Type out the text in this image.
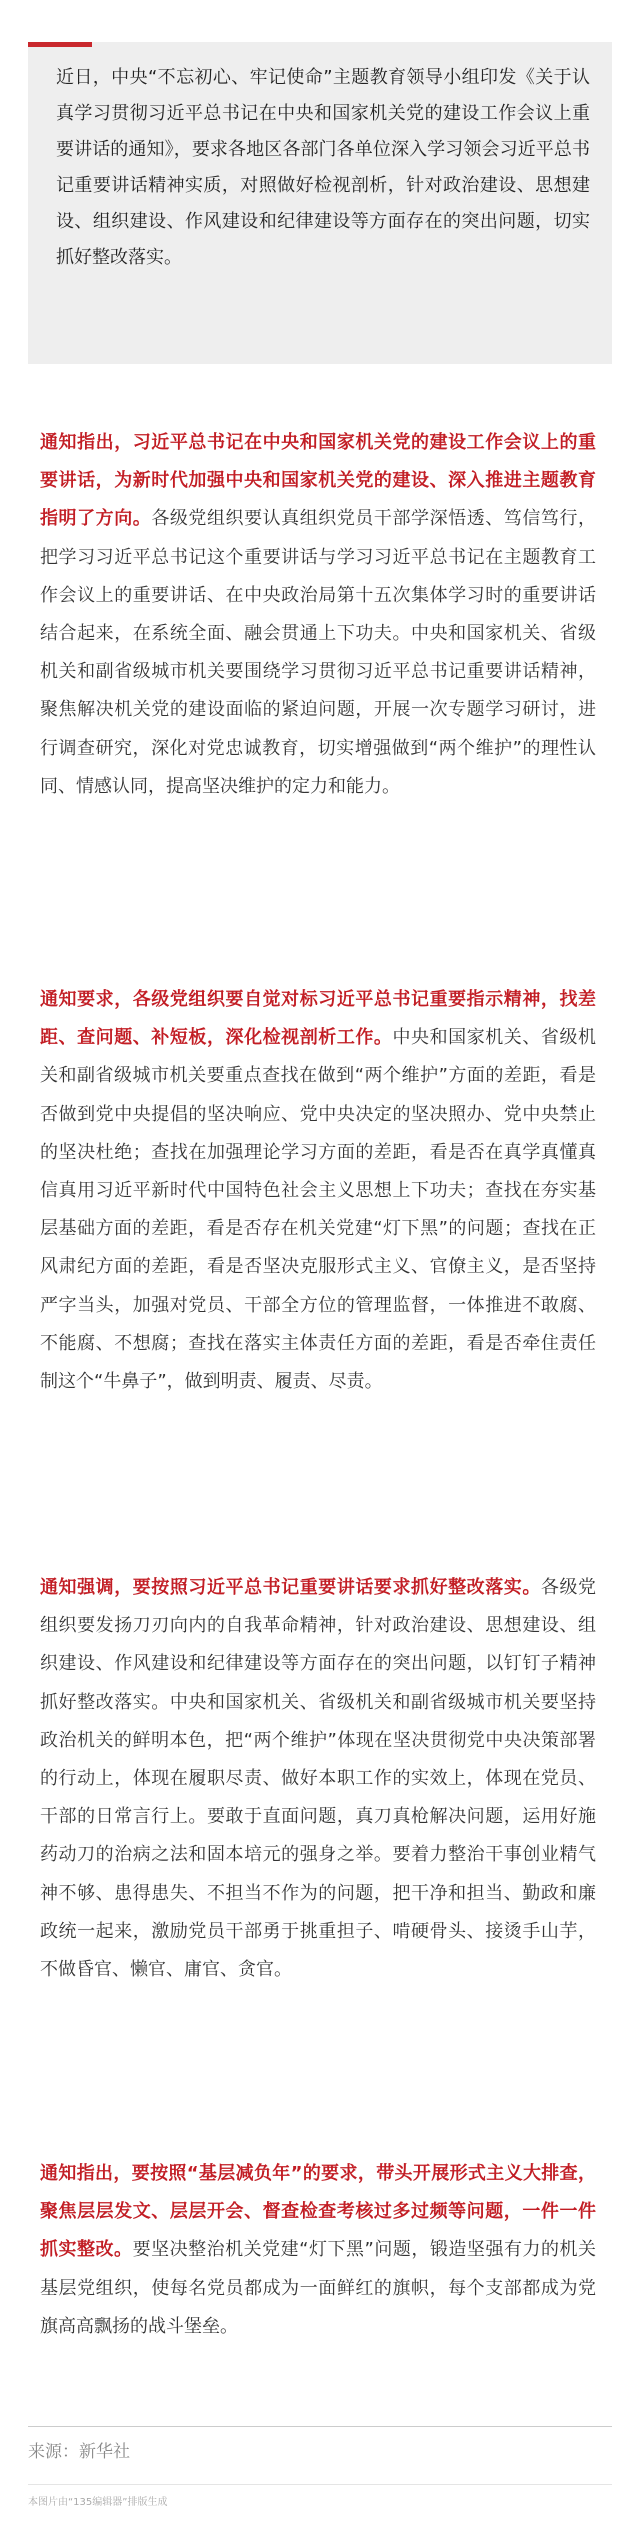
近日，中央“不忘初心、牢记使命”主题教育领导小组印发《关于认真学习贯彻习近平总书记在中央和国家机关党的建设工作会议上重要讲话的通知》，要求各地区各部门各单位深入学习领会习近平总书记重要讲话精神实质，对照做好检视剖析，针对政治建设、思想建设、组织建设、作风建设和纪律建设等方面存在的突出问题，切实抓好整改落实。

通知指出，习近平总书记在中央和国家机关党的建设工作会议上的重要讲话，为新时代加强中央和国家机关党的建设、深入推进主题教育指明了方向。各级党组织要认真组织党员干部学深悟透、笃信笃行，把学习习近平总书记这个重要讲话与学习习近平总书记在主题教育工作会议上的重要讲话、在中央政治局第十五次集体学习时的重要讲话结合起来，在系统全面、融会贯通上下功夫。中央和国家机关、省级机关和副省级城市机关要围绕学习贯彻习近平总书记重要讲话精神，聚焦解决机关党的建设面临的紧迫问题，开展一次专题学习研讨，进行调查研究，深化对党忠诚教育，切实增强做到“两个维护”的理性认同、情感认同，提高坚决维护的定力和能力。

通知要求，各级党组织要自觉对标习近平总书记重要指示精神，找差距、查问题、补短板，深化检视剖析工作。中央和国家机关、省级机关和副省级城市机关要重点查找在做到“两个维护”方面的差距，看是否做到党中央提倡的坚决响应、党中央决定的坚决照办、党中央禁止的坚决杜绝；查找在加强理论学习方面的差距，看是否在真学真懂真信真用习近平新时代中国特色社会主义思想上下功夫；查找在夯实基层基础方面的差距，看是否存在机关党建“灯下黑”的问题；查找在正风肃纪方面的差距，看是否坚决克服形式主义、官僚主义，是否坚持严字当头，加强对党员、干部全方位的管理监督，一体推进不敢腐、不能腐、不想腐；查找在落实主体责任方面的差距，看是否牵住责任制这个“牛鼻子”，做到明责、履责、尽责。

通知强调，要按照习近平总书记重要讲话要求抓好整改落实。各级党组织要发扬刀刃向内的自我革命精神，针对政治建设、思想建设、组织建设、作风建设和纪律建设等方面存在的突出问题，以钉钉子精神抓好整改落实。中央和国家机关、省级机关和副省级城市机关要坚持政治机关的鲜明本色，把“两个维护”体现在坚决贯彻党中央决策部署的行动上，体现在履职尽责、做好本职工作的实效上，体现在党员、干部的日常言行上。要敢于直面问题，真刀真枪解决问题，运用好施药动刀的治病之法和固本培元的强身之举。要着力整治干事创业精气神不够、患得患失、不担当不作为的问题，把干净和担当、勤政和廉政统一起来，激励党员干部勇于挑重担子、啃硬骨头、接烫手山芋，不做昏官、懒官、庸官、贪官。

通知指出，要按照“基层减负年”的要求，带头开展形式主义大排查，聚焦层层发文、层层开会、督查检查考核过多过频等问题，一件一件抓实整改。要坚决整治机关党建“灯下黑”问题，锻造坚强有力的机关基层党组织，使每名党员都成为一面鲜红的旗帜，每个支部都成为党旗高高飘扬的战斗堡垒。

来源：新华社
本图片由“135编辑器”排版生成
